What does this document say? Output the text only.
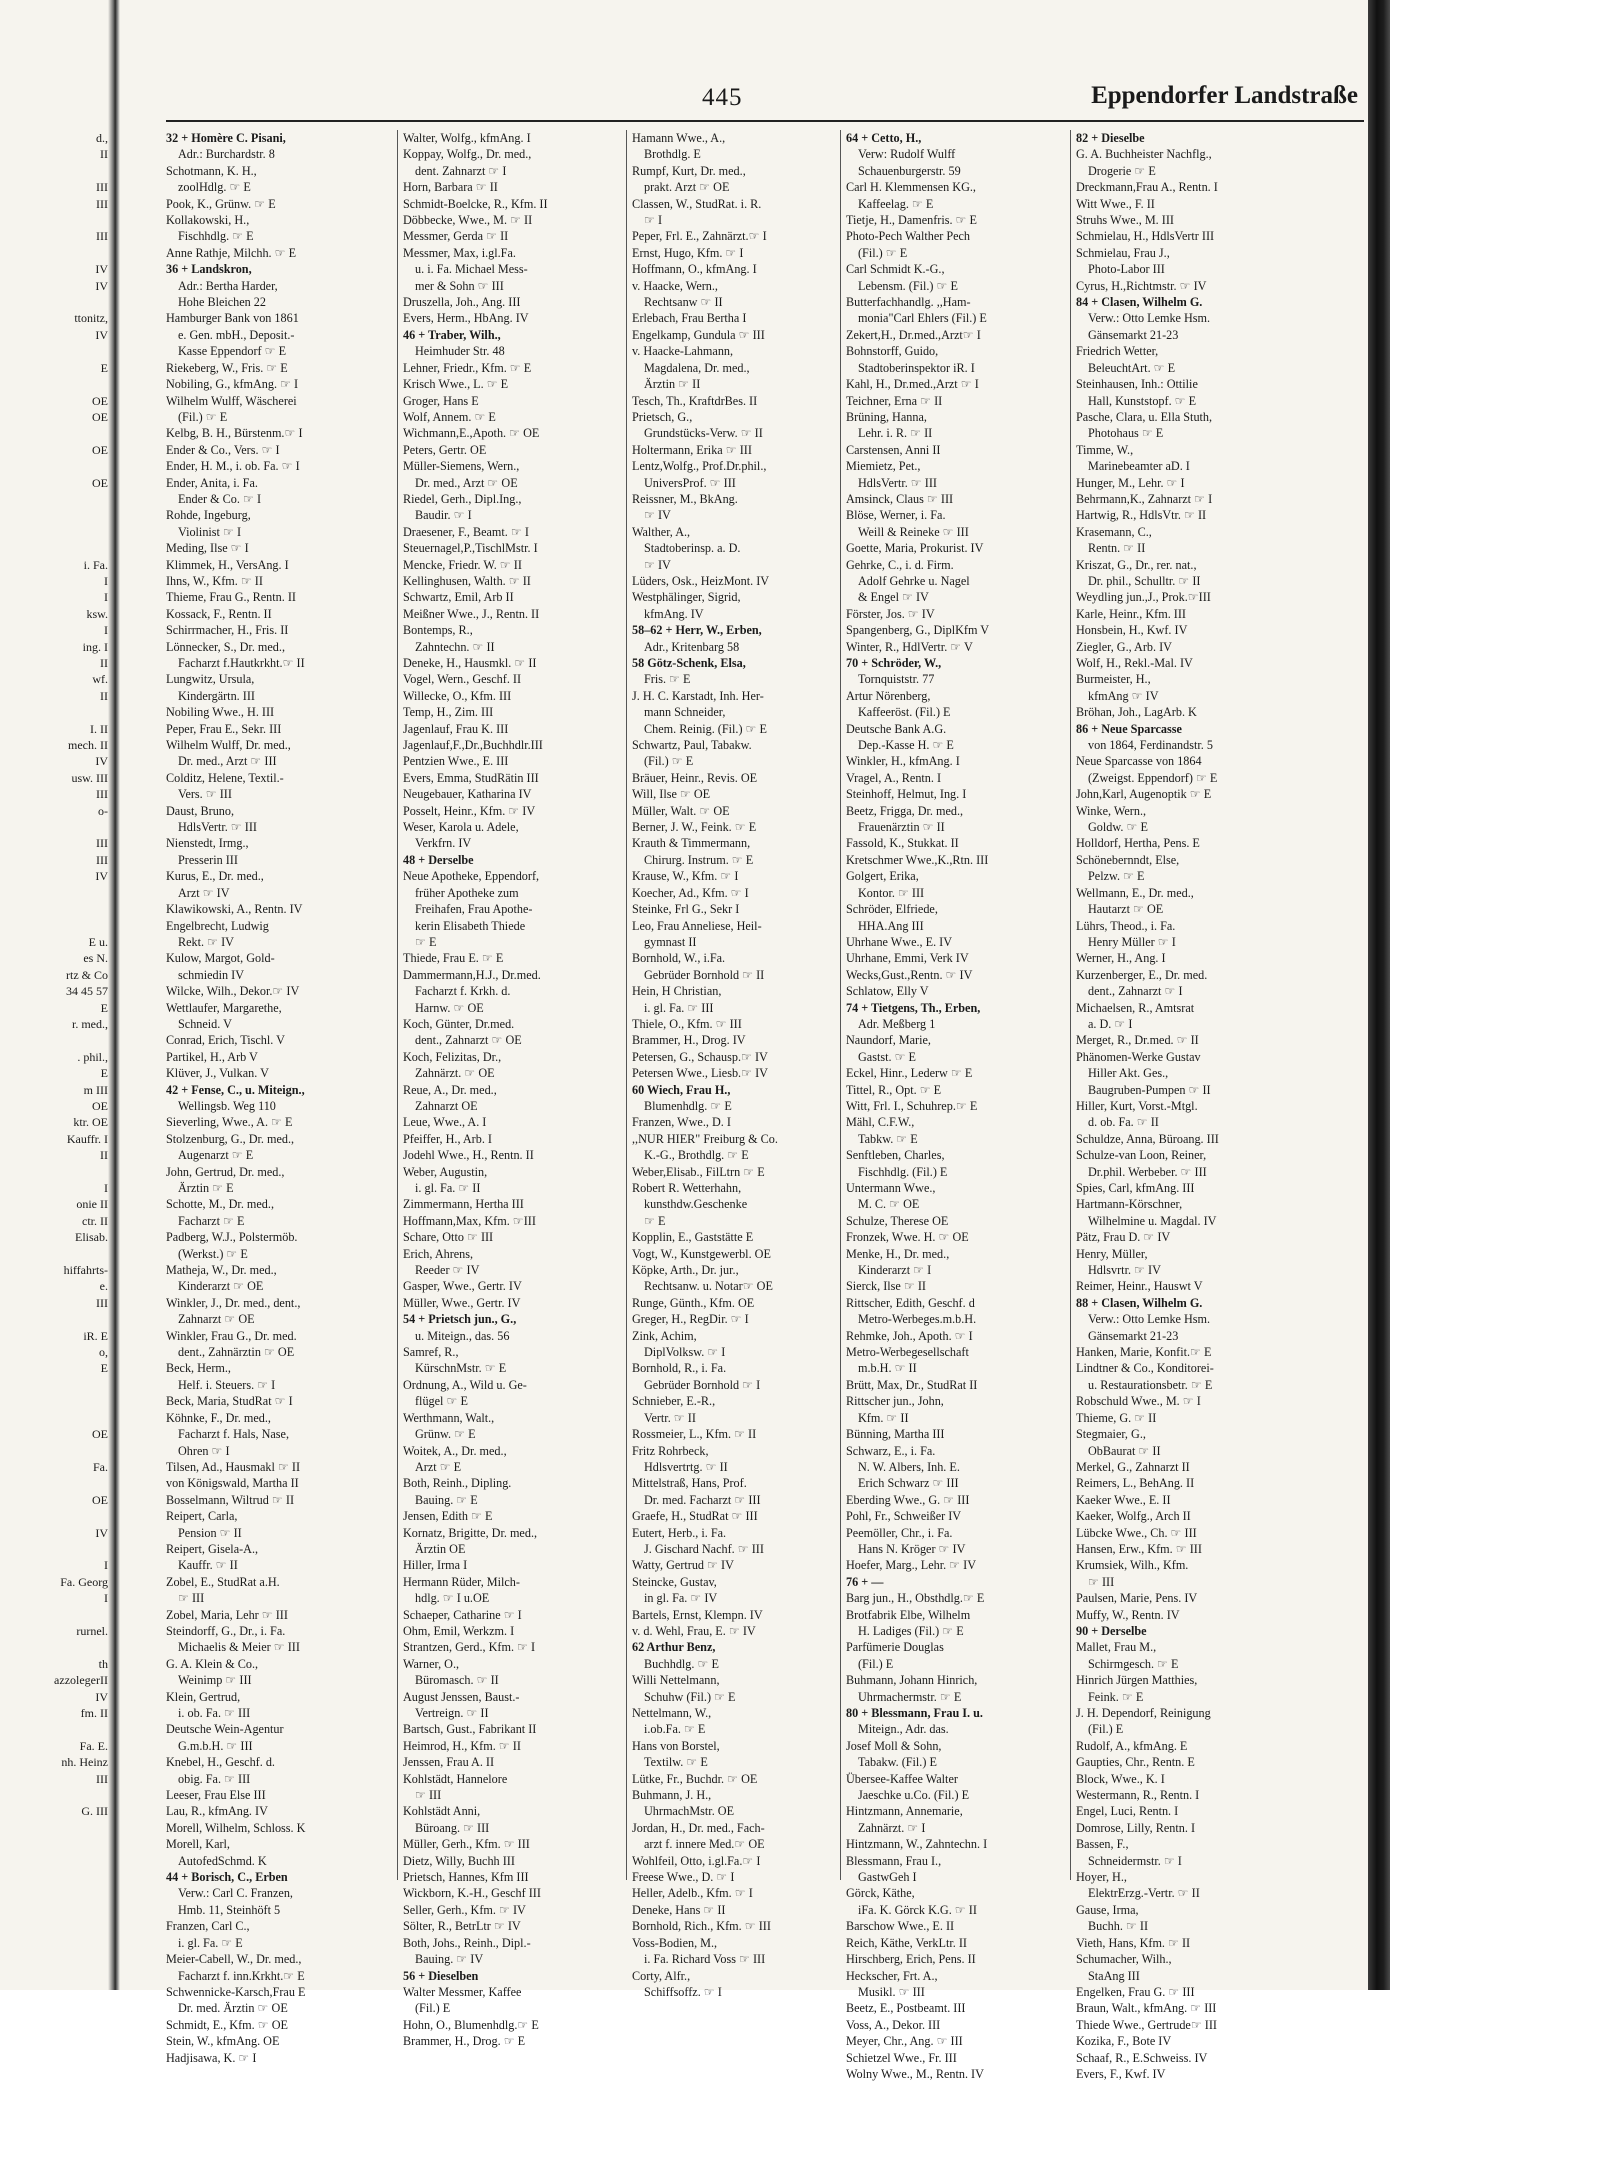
d.,
II

III
III

III

IV
IV

ttonitz,
IV

E

OE
OE

OE

OE

i. Fa.
I
I
ksw.
I
ing. I
II
wf.
II

I. II
mech. II
IV
usw. III
III
o-

III
III
IV

E u.
es N.
rtz & Co
34 45 57
E
r. med.,

. phil.,
E
m III
OE
ktr. OE
Kauffr. I
II

I
onie II
ctr. II
Elisab.

hiffahrts-
e.
III

iR. E
o,
E

OE

Fa.

OE

IV

I
Fa. Georg
I

rurnel.

th
azzolegerII
IV
fm. II

Fa. E.
nh. Heinz
III

G. III
445	Eppendorfer Landstraße
32 + Homère C. Pisani,
Adr.: Burchardstr. 8
Schotmann, K. H.,
zoolHdlg. ☞ E
Pook, K., Grünw. ☞ E
Kollakowski, H.,
Fischhdlg. ☞ E
Anne Rathje, Milchh. ☞ E
36 + Landskron,
Adr.: Bertha Harder,
Hohe Bleichen 22
Hamburger Bank von 1861
e. Gen. mbH., Deposit.-
Kasse Eppendorf ☞ E
Riekeberg, W., Fris. ☞ E
Nobiling, G., kfmAng. ☞ I
Wilhelm Wulff, Wäscherei
(Fil.) ☞ E
Kelbg, B. H., Bürstenm.☞ I
Ender & Co., Vers. ☞ I
Ender, H. M., i. ob. Fa. ☞ I
Ender, Anita, i. Fa.
Ender & Co. ☞ I
Rohde, Ingeburg,
Violinist ☞ I
Meding, Ilse ☞ I
Klimmek, H., VersAng. I
Ihns, W., Kfm. ☞ II
Thieme, Frau G., Rentn. II
Kossack, F., Rentn. II
Schirrmacher, H., Fris. II
Lönnecker, S., Dr. med.,
Facharzt f.Hautkrkht.☞ II
Lungwitz, Ursula,
Kindergärtn. III
Nobiling Wwe., H. III
Peper, Frau E., Sekr. III
Wilhelm Wulff, Dr. med.,
Dr. med., Arzt ☞ III
Colditz, Helene, Textil.-
Vers. ☞ III
Daust, Bruno,
HdlsVertr. ☞ III
Nienstedt, Irmg.,
Presserin III
Kurus, E., Dr. med.,
Arzt ☞ IV
Klawikowski, A., Rentn. IV
Engelbrecht, Ludwig
Rekt. ☞ IV
Kulow, Margot, Gold-
schmiedin IV
Wilcke, Wilh., Dekor.☞ IV
Wettlaufer, Margarethe,
Schneid. V
Conrad, Erich, Tischl. V
Partikel, H., Arb V
Klüver, J., Vulkan. V
42 + Fense, C., u. Miteign.,
Wellingsb. Weg 110
Sieverling, Wwe., A. ☞ E
Stolzenburg, G., Dr. med.,
Augenarzt ☞ E
John, Gertrud, Dr. med.,
Ärztin ☞ E
Schotte, M., Dr. med.,
Facharzt ☞ E
Padberg, W.J., Polstermöb.
(Werkst.) ☞ E
Matheja, W., Dr. med.,
Kinderarzt ☞ OE
Winkler, J., Dr. med., dent.,
Zahnarzt ☞ OE
Winkler, Frau G., Dr. med.
dent., Zahnärztin ☞ OE
Beck, Herm.,
Helf. i. Steuers. ☞ I
Beck, Maria, StudRat ☞ I
Köhnke, F., Dr. med.,
Facharzt f. Hals, Nase,
Ohren ☞ I
Tilsen, Ad., Hausmakl ☞ II
von Königswald, Martha II
Bosselmann, Wiltrud ☞ II
Reipert, Carla,
Pension ☞ II
Reipert, Gisela-A.,
Kauffr. ☞ II
Zobel, E., StudRat a.H.
☞ III
Zobel, Maria, Lehr ☞ III
Steindorff, G., Dr., i. Fa.
Michaelis & Meier ☞ III
G. A. Klein & Co.,
Weinimp ☞ III
Klein, Gertrud,
i. ob. Fa. ☞ III
Deutsche Wein-Agentur
G.m.b.H. ☞ III
Knebel, H., Geschf. d.
obig. Fa. ☞ III
Leeser, Frau Else III
Lau, R., kfmAng. IV
Morell, Wilhelm, Schloss. K
Morell, Karl,
AutofedSchmd. K
44 + Borisch, C., Erben
Verw.: Carl C. Franzen,
Hmb. 11, Steinhöft 5
Franzen, Carl C.,
i. gl. Fa. ☞ E
Meier-Cabell, W., Dr. med.,
Facharzt f. inn.Krkht.☞ E
Schwennicke-Karsch,Frau E
Dr. med. Ärztin ☞ OE
Schmidt, E., Kfm. ☞ OE
Stein, W., kfmAng. OE
Hadjisawa, K. ☞ I
Walter, Wolfg., kfmAng. I
Koppay, Wolfg., Dr. med.,
dent. Zahnarzt ☞ I
Horn, Barbara ☞ II
Schmidt-Boelcke, R., Kfm. II
Döbbecke, Wwe., M. ☞ II
Messmer, Gerda ☞ II
Messmer, Max, i.gl.Fa.
u. i. Fa. Michael Mess-
mer & Sohn ☞ III
Druszella, Joh., Ang. III
Evers, Herm., HbAng. IV
46 + Traber, Wilh.,
Heimhuder Str. 48
Lehner, Friedr., Kfm. ☞ E
Krisch Wwe., L. ☞ E
Groger, Hans E
Wolf, Annem. ☞ E
Wichmann,E.,Apoth. ☞ OE
Peters, Gertr. OE
Müller-Siemens, Wern.,
Dr. med., Arzt ☞ OE
Riedel, Gerh., Dipl.Ing.,
Baudir. ☞ I
Draesener, F., Beamt. ☞ I
Steuernagel,P.,TischlMstr. I
Mencke, Friedr. W. ☞ II
Kellinghusen, Walth. ☞ II
Schwartz, Emil, Arb II
Meißner Wwe., J., Rentn. II
Bontemps, R.,
Zahntechn. ☞ II
Deneke, H., Hausmkl. ☞ II
Vogel, Wern., Geschf. II
Willecke, O., Kfm. III
Temp, H., Zim. III
Jagenlauf, Frau K. III
Jagenlauf,F.,Dr.,Buchhdlr.III
Pentzien Wwe., E. III
Evers, Emma, StudRätin III
Neugebauer, Katharina IV
Posselt, Heinr., Kfm. ☞ IV
Weser, Karola u. Adele,
Verkfrn. IV
48 + Derselbe
Neue Apotheke, Eppendorf,
früher Apotheke zum
Freihafen, Frau Apothe-
kerin Elisabeth Thiede
☞ E
Thiede, Frau E. ☞ E
Dammermann,H.J., Dr.med.
Facharzt f. Krkh. d.
Harnw. ☞ OE
Koch, Günter, Dr.med.
dent., Zahnarzt ☞ OE
Koch, Felizitas, Dr.,
Zahnärzt. ☞ OE
Reue, A., Dr. med.,
Zahnarzt OE
Leue, Wwe., A. I
Pfeiffer, H., Arb. I
Jodehl Wwe., H., Rentn. II
Weber, Augustin,
i. gl. Fa. ☞ II
Zimmermann, Hertha III
Hoffmann,Max, Kfm. ☞III
Schare, Otto ☞ III
Erich, Ahrens,
Reeder ☞ IV
Gasper, Wwe., Gertr. IV
Müller, Wwe., Gertr. IV
54 + Prietsch jun., G.,
u. Miteign., das. 56
Samref, R.,
KürschnMstr. ☞ E
Ordnung, A., Wild u. Ge-
flügel ☞ E
Werthmann, Walt.,
Grünw. ☞ E
Woitek, A., Dr. med.,
Arzt ☞ E
Both, Reinh., Dipling.
Bauing. ☞ E
Jensen, Edith ☞ E
Kornatz, Brigitte, Dr. med.,
Ärztin OE
Hiller, Irma I
Hermann Rüder, Milch-
hdlg. ☞ I u.OE
Schaeper, Catharine ☞ I
Ohm, Emil, Werkzm. I
Strantzen, Gerd., Kfm. ☞ I
Warner, O.,
Büromasch. ☞ II
August Jenssen, Baust.-
Vertreign. ☞ II
Bartsch, Gust., Fabrikant II
Heimrod, H., Kfm. ☞ II
Jenssen, Frau A. II
Kohlstädt, Hannelore
☞ III
Kohlstädt Anni,
Büroang. ☞ III
Müller, Gerh., Kfm. ☞ III
Dietz, Willy, Buchh III
Prietsch, Hannes, Kfm III
Wickborn, K.-H., Geschf III
Seller, Gerh., Kfm. ☞ IV
Sölter, R., BetrLtr ☞ IV
Both, Johs., Reinh., Dipl.-
Bauing. ☞ IV
56 + Dieselben
Walter Messmer, Kaffee
(Fil.) E
Hohn, O., Blumenhdlg.☞ E
Brammer, H., Drog. ☞ E
Hamann Wwe., A.,
Brothdlg. E
Rumpf, Kurt, Dr. med.,
prakt. Arzt ☞ OE
Classen, W., StudRat. i. R.
☞ I
Peper, Frl. E., Zahnärzt.☞ I
Ernst, Hugo, Kfm. ☞ I
Hoffmann, O., kfmAng. I
v. Haacke, Wern.,
Rechtsanw ☞ II
Erlebach, Frau Bertha I
Engelkamp, Gundula ☞ III
v. Haacke-Lahmann,
Magdalena, Dr. med.,
Ärztin ☞ II
Tesch, Th., KraftdrBes. II
Prietsch, G.,
Grundstücks-Verw. ☞ II
Holtermann, Erika ☞ III
Lentz,Wolfg., Prof.Dr.phil.,
UniversProf. ☞ III
Reissner, M., BkAng.
☞ IV
Walther, A.,
Stadtoberinsp. a. D.
☞ IV
Lüders, Osk., HeizMont. IV
Westphälinger, Sigrid,
kfmAng. IV
58–62 + Herr, W., Erben,
Adr., Kritenbarg 58
58 Götz-Schenk, Elsa,
Fris. ☞ E
J. H. C. Karstadt, Inh. Her-
mann Schneider,
Chem. Reinig. (Fil.) ☞ E
Schwartz, Paul, Tabakw.
(Fil.) ☞ E
Bräuer, Heinr., Revis. OE
Will, Ilse ☞ OE
Müller, Walt. ☞ OE
Berner, J. W., Feink. ☞ E
Krauth & Timmermann,
Chirurg. Instrum. ☞ E
Krause, W., Kfm. ☞ I
Koecher, Ad., Kfm. ☞ I
Steinke, Frl G., Sekr I
Leo, Frau Anneliese, Heil-
gymnast II
Bornhold, W., i.Fa.
Gebrüder Bornhold ☞ II
Hein, H Christian,
i. gl. Fa. ☞ III
Thiele, O., Kfm. ☞ III
Brammer, H., Drog. IV
Petersen, G., Schausp.☞ IV
Petersen Wwe., Liesb.☞ IV
60 Wiech, Frau H.,
Blumenhdlg. ☞ E
Franzen, Wwe., D. I
,,NUR HIER" Freiburg & Co.
K.-G., Brothdlg. ☞ E
Weber,Elisab., FilLtrn ☞ E
Robert R. Wetterhahn,
kunsthdw.Geschenke
☞ E
Kopplin, E., Gaststätte E
Vogt, W., Kunstgewerbl. OE
Köpke, Arth., Dr. jur.,
Rechtsanw. u. Notar☞ OE
Runge, Günth., Kfm. OE
Greger, H., RegDir. ☞ I
Zink, Achim,
DiplVolksw. ☞ I
Bornhold, R., i. Fa.
Gebrüder Bornhold ☞ I
Schnieber, E.-R.,
Vertr. ☞ II
Rossmeier, L., Kfm. ☞ II
Fritz Rohrbeck,
Hdlsvertrtg. ☞ II
Mittelstraß, Hans, Prof.
Dr. med. Facharzt ☞ III
Graefe, H., StudRat ☞ III
Eutert, Herb., i. Fa.
J. Gischard Nachf. ☞ III
Watty, Gertrud ☞ IV
Steincke, Gustav,
in gl. Fa. ☞ IV
Bartels, Ernst, Klempn. IV
v. d. Wehl, Frau, E. ☞ IV
62 Arthur Benz,
Buchhdlg. ☞ E
Willi Nettelmann,
Schuhw (Fil.) ☞ E
Nettelmann, W.,
i.ob.Fa. ☞ E
Hans von Borstel,
Textilw. ☞ E
Lütke, Fr., Buchdr. ☞ OE
Buhmann, J. H.,
UhrmachMstr. OE
Jordan, H., Dr. med., Fach-
arzt f. innere Med.☞ OE
Wohlfeil, Otto, i.gl.Fa.☞ I
Freese Wwe., D. ☞ I
Heller, Adelb., Kfm. ☞ I
Deneke, Hans ☞ II
Bornhold, Rich., Kfm. ☞ III
Voss-Bodien, M.,
i. Fa. Richard Voss ☞ III
Corty, Alfr.,
Schiffsoffz. ☞ I
64 + Cetto, H.,
Verw: Rudolf Wulff
Schauenburgerstr. 59
Carl H. Klemmensen KG.,
Kaffeelag. ☞ E
Tietje, H., Damenfris. ☞ E
Photo-Pech Walther Pech
(Fil.) ☞ E
Carl Schmidt K.-G.,
Lebensm. (Fil.) ☞ E
Butterfachhandlg. ,,Ham-
monia"Carl Ehlers (Fil.) E
Zekert,H., Dr.med.,Arzt☞ I
Bohnstorff, Guido,
Stadtoberinspektor iR. I
Kahl, H., Dr.med.,Arzt ☞ I
Teichner, Erna ☞ II
Brüning, Hanna,
Lehr. i. R. ☞ II
Carstensen, Anni II
Miemietz, Pet.,
HdlsVertr. ☞ III
Amsinck, Claus ☞ III
Blöse, Werner, i. Fa.
Weill & Reineke ☞ III
Goette, Maria, Prokurist. IV
Gehrke, C., i. d. Firm.
Adolf Gehrke u. Nagel
& Engel ☞ IV
Förster, Jos. ☞ IV
Spangenberg, G., DiplKfm V
Winter, R., HdlVertr. ☞ V
70 + Schröder, W.,
Tornquiststr. 77
Artur Nörenberg,
Kaffeeröst. (Fil.) E
Deutsche Bank A.G.
Dep.-Kasse H. ☞ E
Winkler, H., kfmAng. I
Vragel, A., Rentn. I
Steinhoff, Helmut, Ing. I
Beetz, Frigga, Dr. med.,
Frauenärztin ☞ II
Fassold, K., Stukkat. II
Kretschmer Wwe.,K.,Rtn. III
Golgert, Erika,
Kontor. ☞ III
Schröder, Elfriede,
HHA.Ang III
Uhrhane Wwe., E. IV
Uhrhane, Emmi, Verk IV
Wecks,Gust.,Rentn. ☞ IV
Schlatow, Elly V
74 + Tietgens, Th., Erben,
Adr. Meßberg 1
Naundorf, Marie,
Gastst. ☞ E
Eckel, Hinr., Lederw ☞ E
Tittel, R., Opt. ☞ E
Witt, Frl. I., Schuhrep.☞ E
Mähl, C.F.W.,
Tabkw. ☞ E
Senftleben, Charles,
Fischhdlg. (Fil.) E
Untermann Wwe.,
M. C. ☞ OE
Schulze, Therese OE
Fronzek, Wwe. H. ☞ OE
Menke, H., Dr. med.,
Kinderarzt ☞ I
Sierck, Ilse ☞ II
Rittscher, Edith, Geschf. d
Metro-Werbeges.m.b.H.
Rehmke, Joh., Apoth. ☞ I
Metro-Werbegesellschaft
m.b.H. ☞ II
Brütt, Max, Dr., StudRat II
Rittscher jun., John,
Kfm. ☞ II
Bünning, Martha III
Schwarz, E., i. Fa.
N. W. Albers, Inh. E.
Erich Schwarz ☞ III
Eberding Wwe., G. ☞ III
Pohl, Fr., Schweißer IV
Peemöller, Chr., i. Fa.
Hans N. Kröger ☞ IV
Hoefer, Marg., Lehr. ☞ IV
76 + —
Barg jun., H., Obsthdlg.☞ E
Brotfabrik Elbe, Wilhelm
H. Ladiges (Fil.) ☞ E
Parfümerie Douglas
(Fil.) E
Buhmann, Johann Hinrich,
Uhrmachermstr. ☞ E
80 + Blessmann, Frau I. u.
Miteign., Adr. das.
Josef Moll & Sohn,
Tabakw. (Fil.) E
Übersee-Kaffee Walter
Jaeschke u.Co. (Fil.) E
Hintzmann, Annemarie,
Zahnärzt. ☞ I
Hintzmann, W., Zahntechn. I
Blessmann, Frau I.,
GastwGeh I
Görck, Käthe,
iFa. K. Görck K.G. ☞ II
Barschow Wwe., E. II
Reich, Käthe, VerkLtr. II
Hirschberg, Erich, Pens. II
Heckscher, Frt. A.,
Musikl. ☞ III
Beetz, E., Postbeamt. III
Voss, A., Dekor. III
Meyer, Chr., Ang. ☞ III
Schietzel Wwe., Fr. III
Wolny Wwe., M., Rentn. IV
82 + Dieselbe
G. A. Buchheister Nachflg.,
Drogerie ☞ E
Dreckmann,Frau A., Rentn. I
Witt Wwe., F. II
Struhs Wwe., M. III
Schmielau, H., HdlsVertr III
Schmielau, Frau J.,
Photo-Labor III
Cyrus, H.,Richtmstr. ☞ IV
84 + Clasen, Wilhelm G.
Verw.: Otto Lemke Hsm.
Gänsemarkt 21-23
Friedrich Wetter,
BeleuchtArt. ☞ E
Steinhausen, Inh.: Ottilie
Hall, Kunststopf. ☞ E
Pasche, Clara, u. Ella Stuth,
Photohaus ☞ E
Timme, W.,
Marinebeamter aD. I
Hunger, M., Lehr. ☞ I
Behrmann,K., Zahnarzt ☞ I
Hartwig, R., HdlsVtr. ☞ II
Krasemann, C.,
Rentn. ☞ II
Kriszat, G., Dr., rer. nat.,
Dr. phil., Schulltr. ☞ II
Weydling jun.,J., Prok.☞III
Karle, Heinr., Kfm. III
Honsbein, H., Kwf. IV
Ziegler, G., Arb. IV
Wolf, H., Rekl.-Mal. IV
Burmeister, H.,
kfmAng ☞ IV
Bröhan, Joh., LagArb. K
86 + Neue Sparcasse
von 1864, Ferdinandstr. 5
Neue Sparcasse von 1864
(Zweigst. Eppendorf) ☞ E
John,Karl, Augenoptik ☞ E
Winke, Wern.,
Goldw. ☞ E
Holldorf, Hertha, Pens. E
Schönebernndt, Else,
Pelzw. ☞ E
Wellmann, E., Dr. med.,
Hautarzt ☞ OE
Lührs, Theod., i. Fa.
Henry Müller ☞ I
Werner, H., Ang. I
Kurzenberger, E., Dr. med.
dent., Zahnarzt ☞ I
Michaelsen, R., Amtsrat
a. D. ☞ I
Merget, R., Dr.med. ☞ II
Phänomen-Werke Gustav
Hiller Akt. Ges.,
Baugruben-Pumpen ☞ II
Hiller, Kurt, Vorst.-Mtgl.
d. ob. Fa. ☞ II
Schuldze, Anna, Büroang. III
Schulze-van Loon, Reiner,
Dr.phil. Werbeber. ☞ III
Spies, Carl, kfmAng. III
Hartmann-Körschner,
Wilhelmine u. Magdal. IV
Pätz, Frau D. ☞ IV
Henry, Müller,
Hdlsvrtr. ☞ IV
Reimer, Heinr., Hauswt V
88 + Clasen, Wilhelm G.
Verw.: Otto Lemke Hsm.
Gänsemarkt 21-23
Hanken, Marie, Konfit.☞ E
Lindtner & Co., Konditorei-
u. Restaurationsbetr. ☞ E
Robschuld Wwe., M. ☞ I
Thieme, G. ☞ II
Stegmaier, G.,
ObBaurat ☞ II
Merkel, G., Zahnarzt II
Reimers, L., BehAng. II
Kaeker Wwe., E. II
Kaeker, Wolfg., Arch II
Lübcke Wwe., Ch. ☞ III
Hansen, Erw., Kfm. ☞ III
Krumsiek, Wilh., Kfm.
☞ III
Paulsen, Marie, Pens. IV
Muffy, W., Rentn. IV
90 + Derselbe
Mallet, Frau M.,
Schirmgesch. ☞ E
Hinrich Jürgen Matthies,
Feink. ☞ E
J. H. Dependorf, Reinigung
(Fil.) E
Rudolf, A., kfmAng. E
Gaupties, Chr., Rentn. E
Block, Wwe., K. I
Westermann, R., Rentn. I
Engel, Luci, Rentn. I
Domrose, Lilly, Rentn. I
Bassen, F.,
Schneidermstr. ☞ I
Hoyer, H.,
ElektrErzg.-Vertr. ☞ II
Gause, Irma,
Buchh. ☞ II
Vieth, Hans, Kfm. ☞ II
Schumacher, Wilh.,
StaAng III
Engelken, Frau G. ☞ III
Braun, Walt., kfmAng. ☞ III
Thiede Wwe., Gertrude☞ III
Kozika, F., Bote IV
Schaaf, R., E.Schweiss. IV
Evers, F., Kwf. IV
